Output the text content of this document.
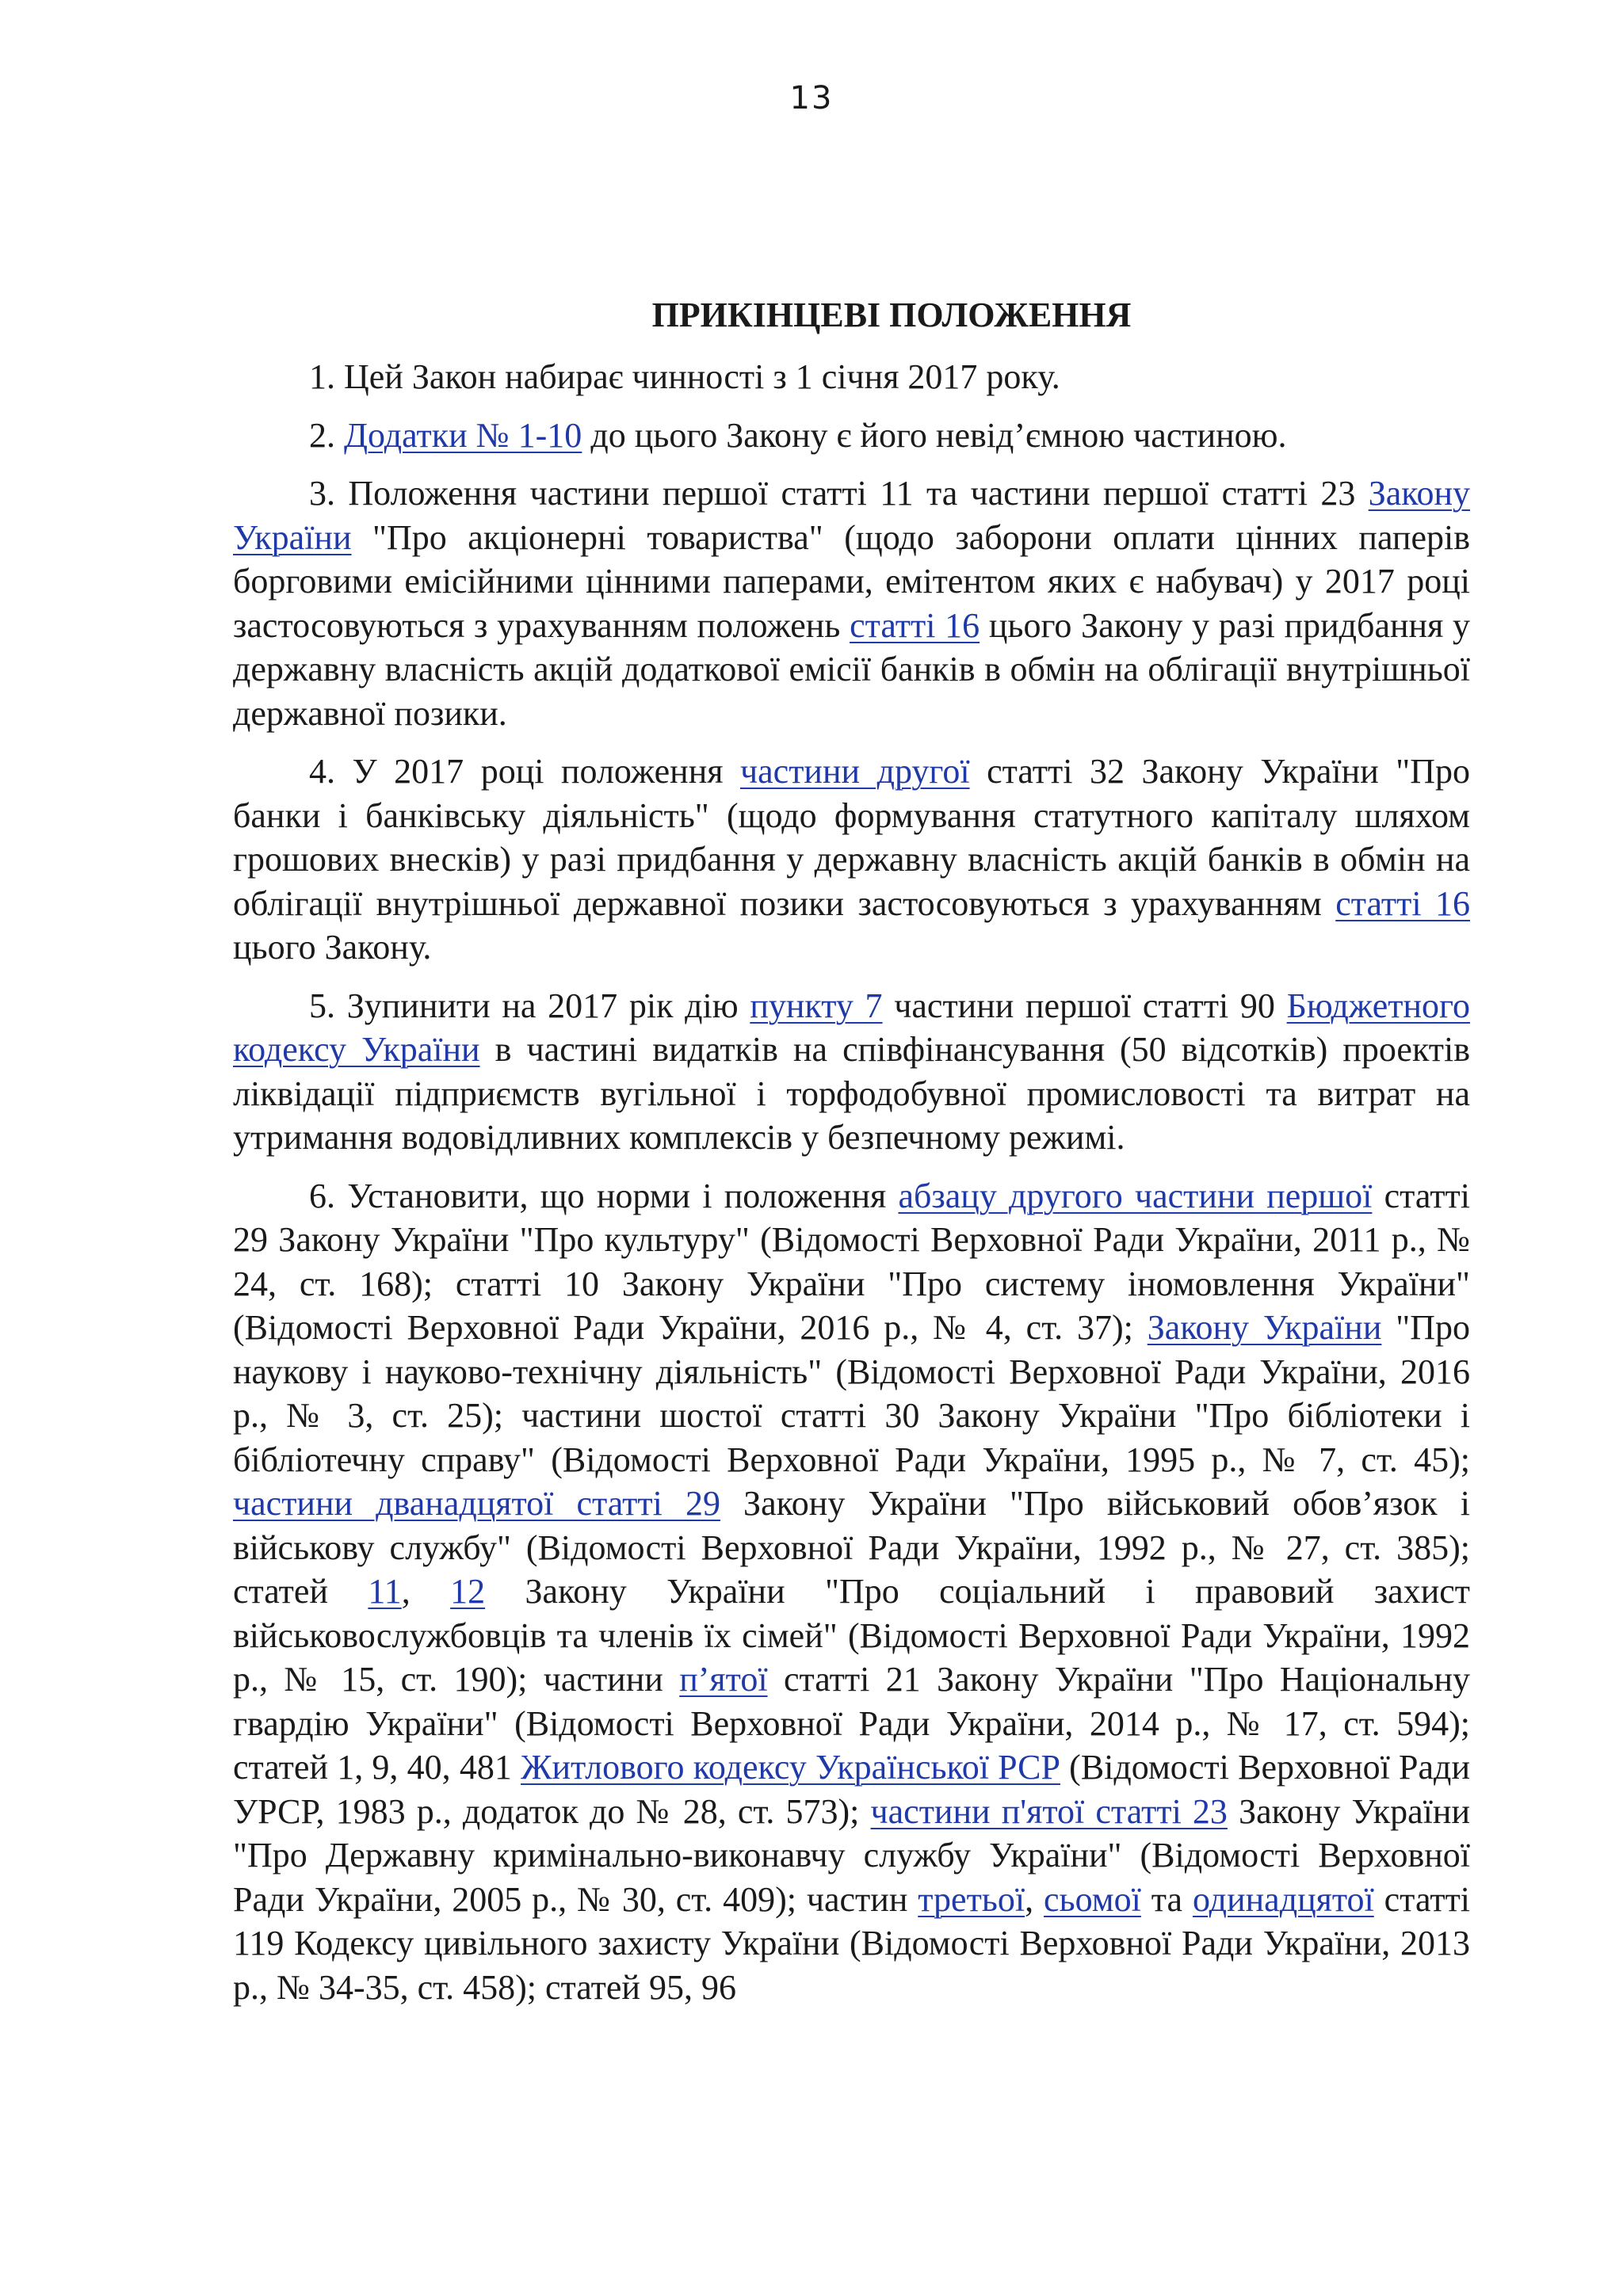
13
ПРИКІНЦЕВІ ПОЛОЖЕННЯ

1. Цей Закон набирає чинності з 1 січня 2017 року.

2. Додатки № 1-10 до цього Закону є його невід’ємною частиною.

3. Положення частини першої статті 11 та частини першої статті 23 Закону України "Про акціонерні товариства" (щодо заборони оплати цінних паперів борговими емісійними цінними паперами, емітентом яких є набувач) у 2017 році застосовуються з урахуванням положень статті 16 цього Закону у разі придбання у державну власність акцій додаткової емісії банків в обмін на облігації внутрішньої державної позики.

4. У 2017 році положення частини другої статті 32 Закону України "Про банки і банківську діяльність" (щодо формування статутного капіталу шляхом грошових внесків) у разі придбання у державну власність акцій банків в обмін на облігації внутрішньої державної позики застосовуються з урахуванням статті 16 цього Закону.

5. Зупинити на 2017 рік дію пункту 7 частини першої статті 90 Бюджетного кодексу України в частині видатків на співфінансування (50 відсотків) проектів ліквідації підприємств вугільної і торфодобувної промисловості та витрат на утримання водовідливних комплексів у безпечному режимі.

6. Установити, що норми і положення абзацу другого частини першої статті 29 Закону України "Про культуру" (Відомості Верховної Ради України, 2011 р., № 24, ст. 168); статті 10 Закону України "Про систему іномовлення України" (Відомості Верховної Ради України, 2016 р., № 4, ст. 37); Закону України "Про наукову і науково-технічну діяльність" (Відомості Верховної Ради України, 2016 р., № 3, ст. 25); частини шостої статті 30 Закону України "Про бібліотеки і бібліотечну справу" (Відомості Верховної Ради України, 1995 р., № 7, ст. 45); частини дванадцятої статті 29 Закону України "Про військовий обов’язок і військову службу" (Відомості Верховної Ради України, 1992 р., № 27, ст. 385); статей 11, 12 Закону України "Про соціальний і правовий захист військовослужбовців та членів їх сімей" (Відомості Верховної Ради України, 1992 р., № 15, ст. 190); частини п’ятої статті 21 Закону України "Про Національну гвардію України" (Відомості Верховної Ради України, 2014 р., № 17, ст. 594); статей 1, 9, 40, 481 Житлового кодексу Української РСР (Відомості Верховної Ради УРСР, 1983 р., додаток до № 28, ст. 573); частини п'ятої статті 23 Закону України "Про Державну кримінально-виконавчу службу України" (Відомості Верховної Ради України, 2005 р., № 30, ст. 409); частин третьої, сьомої та одинадцятої статті 119 Кодексу цивільного захисту України (Відомості Верховної Ради України, 2013 р., № 34-35, ст. 458); статей 95, 96
